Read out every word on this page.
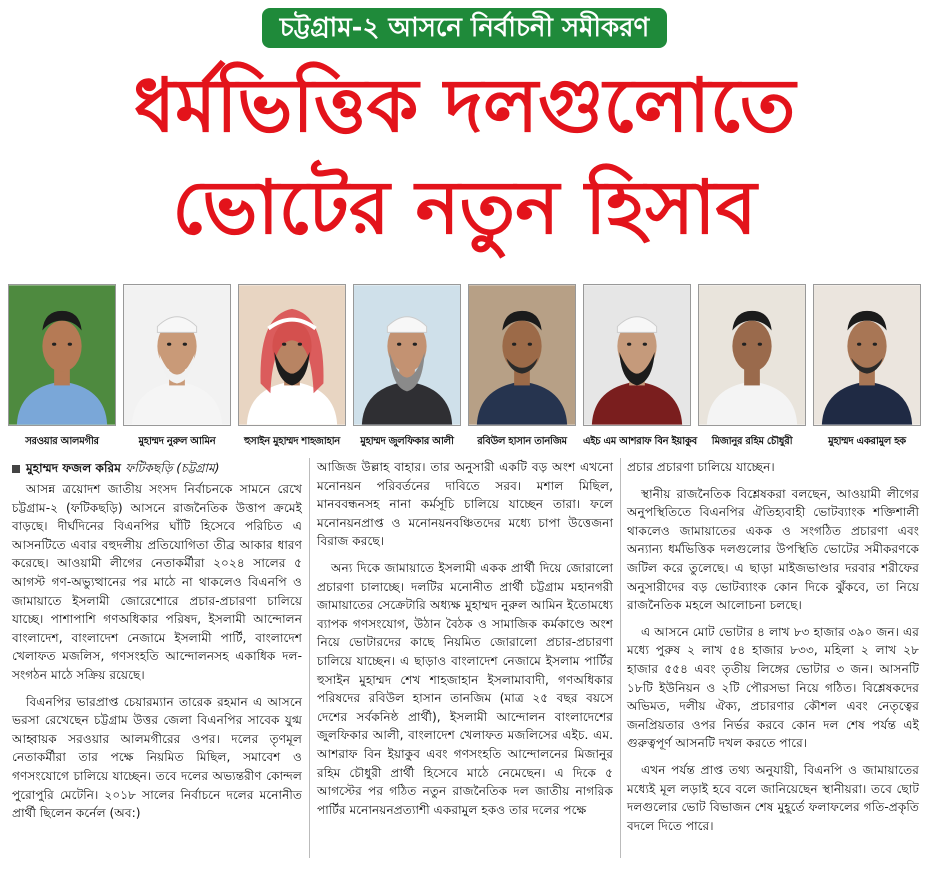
চট্টগ্রাম-২ আসনে নির্বাচনী সমীকরণ
ধর্মভিত্তিক দলগুলোতে
ভোটের নতুন হিসাব
সরওয়ার আলমগীর	মুহাম্মদ নুরুল আমিন	হুসাইন মুহাম্মদ শাহজাহান	মুহাম্মদ জুলফিকার আলী	রবিউল হাসান তানজিম	এইচ এম আশরাফ বিন ইয়াকুব	মিজানুর রহিম চৌধুরী	মুহাম্মদ একরামুল হক
মুহাম্মদ ফজল করিম ফটিকছড়ি (চট্টগ্রাম)

আসন্ন ত্রয়োদশ জাতীয় সংসদ নির্বাচনকে সামনে রেখে চট্টগ্রাম-২ (ফটিকছড়ি) আসনে রাজনৈতিক উত্তাপ ক্রমেই বাড়ছে। দীর্ঘদিনের বিএনপির ঘাঁটি হিসেবে পরিচিত এ আসনটিতে এবার বহুদলীয় প্রতিযোগিতা তীব্র আকার ধারণ করেছে। আওয়ামী লীগের নেতাকর্মীরা ২০২৪ সালের ৫ আগস্ট গণ-অভ্যুত্থানের পর মাঠে না থাকলেও বিএনপি ও জামায়াতে ইসলামী জোরেশোরে প্রচার-প্রচারণা চালিয়ে যাচ্ছে। পাশাপাশি গণঅধিকার পরিষদ, ইসলামী আন্দোলন বাংলাদেশ, বাংলাদেশ নেজামে ইসলামী পার্টি, বাংলাদেশ খেলাফত মজলিস, গণসংহতি আন্দোলনসহ একাধিক দল-সংগঠন মাঠে সক্রিয় রয়েছে।

বিএনপির ভারপ্রাপ্ত চেয়ারম্যান তারেক রহমান এ আসনে ভরসা রেখেছেন চট্টগ্রাম উত্তর জেলা বিএনপির সাবেক যুগ্ম আহ্বায়ক সরওয়ার আলমগীরের ওপর। দলের তৃণমূল নেতাকর্মীরা তার পক্ষে নিয়মিত মিছিল, সমাবেশ ও গণসংযোগে চালিয়ে যাচ্ছেন। তবে দলের অভ্যন্তরীণ কোন্দল পুরোপুরি মেটেনি। ২০১৮ সালের নির্বাচনে দলের মনোনীত প্রার্থী ছিলেন কর্নেল (অব:)

আজিজ উল্লাহ বাহার। তার অনুসারী একটি বড় অংশ এখনো মনোনয়ন পরিবর্তনের দাবিতে সরব। মশাল মিছিল, মানববন্ধনসহ নানা কর্মসূচি চালিয়ে যাচ্ছেন তারা। ফলে মনোনয়নপ্রাপ্ত ও মনোনয়নবঞ্চিতদের মধ্যে চাপা উত্তেজনা বিরাজ করছে।

অন্য দিকে জামায়াতে ইসলামী একক প্রার্থী দিয়ে জোরালো প্রচারণা চালাচ্ছে। দলটির মনোনীত প্রার্থী চট্টগ্রাম মহানগরী জামায়াতের সেক্রেটারি অধ্যক্ষ মুহাম্মদ নুরুল আমিন ইতোমধ্যে ব্যাপক গণসংযোগ, উঠান বৈঠক ও সামাজিক কর্মকাণ্ডে অংশ নিয়ে ভোটারদের কাছে নিয়মিত জোরালো প্রচার-প্রচারণা চালিয়ে যাচ্ছেন। এ ছাড়াও বাংলাদেশ নেজামে ইসলাম পার্টির হুসাইন মুহাম্মদ শেখ শাহজাহান ইসলামাবাদী, গণঅধিকার পরিষদের রবিউল হাসান তানজিম (মাত্র ২৫ বছর বয়সে দেশের সর্বকনিষ্ঠ প্রার্থী), ইসলামী আন্দোলন বাংলাদেশের জুলফিকার আলী, বাংলাদেশ খেলাফত মজলিসের এইচ. এম. আশরাফ বিন ইয়াকুব এবং গণসংহতি আন্দোলনের মিজানুর রহিম চৌধুরী প্রার্থী হিসেবে মাঠে নেমেছেন। এ দিকে ৫ আগস্টের পর গঠিত নতুন রাজনৈতিক দল জাতীয় নাগরিক পার্টির মনোনয়নপ্রত্যাশী একরামুল হকও তার দলের পক্ষে

প্রচার প্রচারণা চালিয়ে যাচ্ছেন।

স্থানীয় রাজনৈতিক বিশ্লেষকরা বলছেন, আওয়ামী লীগের অনুপস্থিতিতে বিএনপির ঐতিহ্যবাহী ভোটব্যাংক শক্তিশালী থাকলেও জামায়াতের একক ও সংগঠিত প্রচারণা এবং অন্যান্য ধর্মভিত্তিক দলগুলোর উপস্থিতি ভোটের সমীকরণকে জটিল করে তুলেছে। এ ছাড়া মাইজভাণ্ডার দরবার শরীফের অনুসারীদের বড় ভোটব্যাংক কোন দিকে ঝুঁকবে, তা নিয়ে রাজনৈতিক মহলে আলোচনা চলছে।

এ আসনে মোট ভোটার ৪ লাখ ৮৩ হাজার ৩৯০ জন। এর মধ্যে পুরুষ ২ লাখ ৫৪ হাজার ৮৩৩, মহিলা ২ লাখ ২৮ হাজার ৫৫৪ এবং তৃতীয় লিঙ্গের ভোটার ৩ জন। আসনটি ১৮টি ইউনিয়ন ও ২টি পৌরসভা নিয়ে গঠিত। বিশ্লেষকদের অভিমত, দলীয় ঐক্য, প্রচারণার কৌশল এবং নেতৃত্বের জনপ্রিয়তার ওপর নির্ভর করবে কোন দল শেষ পর্যন্ত এই গুরুত্বপূর্ণ আসনটি দখল করতে পারে।

এখন পর্যন্ত প্রাপ্ত তথ্য অনুযায়ী, বিএনপি ও জামায়াতের মধ্যেই মূল লড়াই হবে বলে জানিয়েছেন স্থানীয়রা। তবে ছোট দলগুলোর ভোট বিভাজন শেষ মুহূর্তে ফলাফলের গতি-প্রকৃতি বদলে দিতে পারে।
